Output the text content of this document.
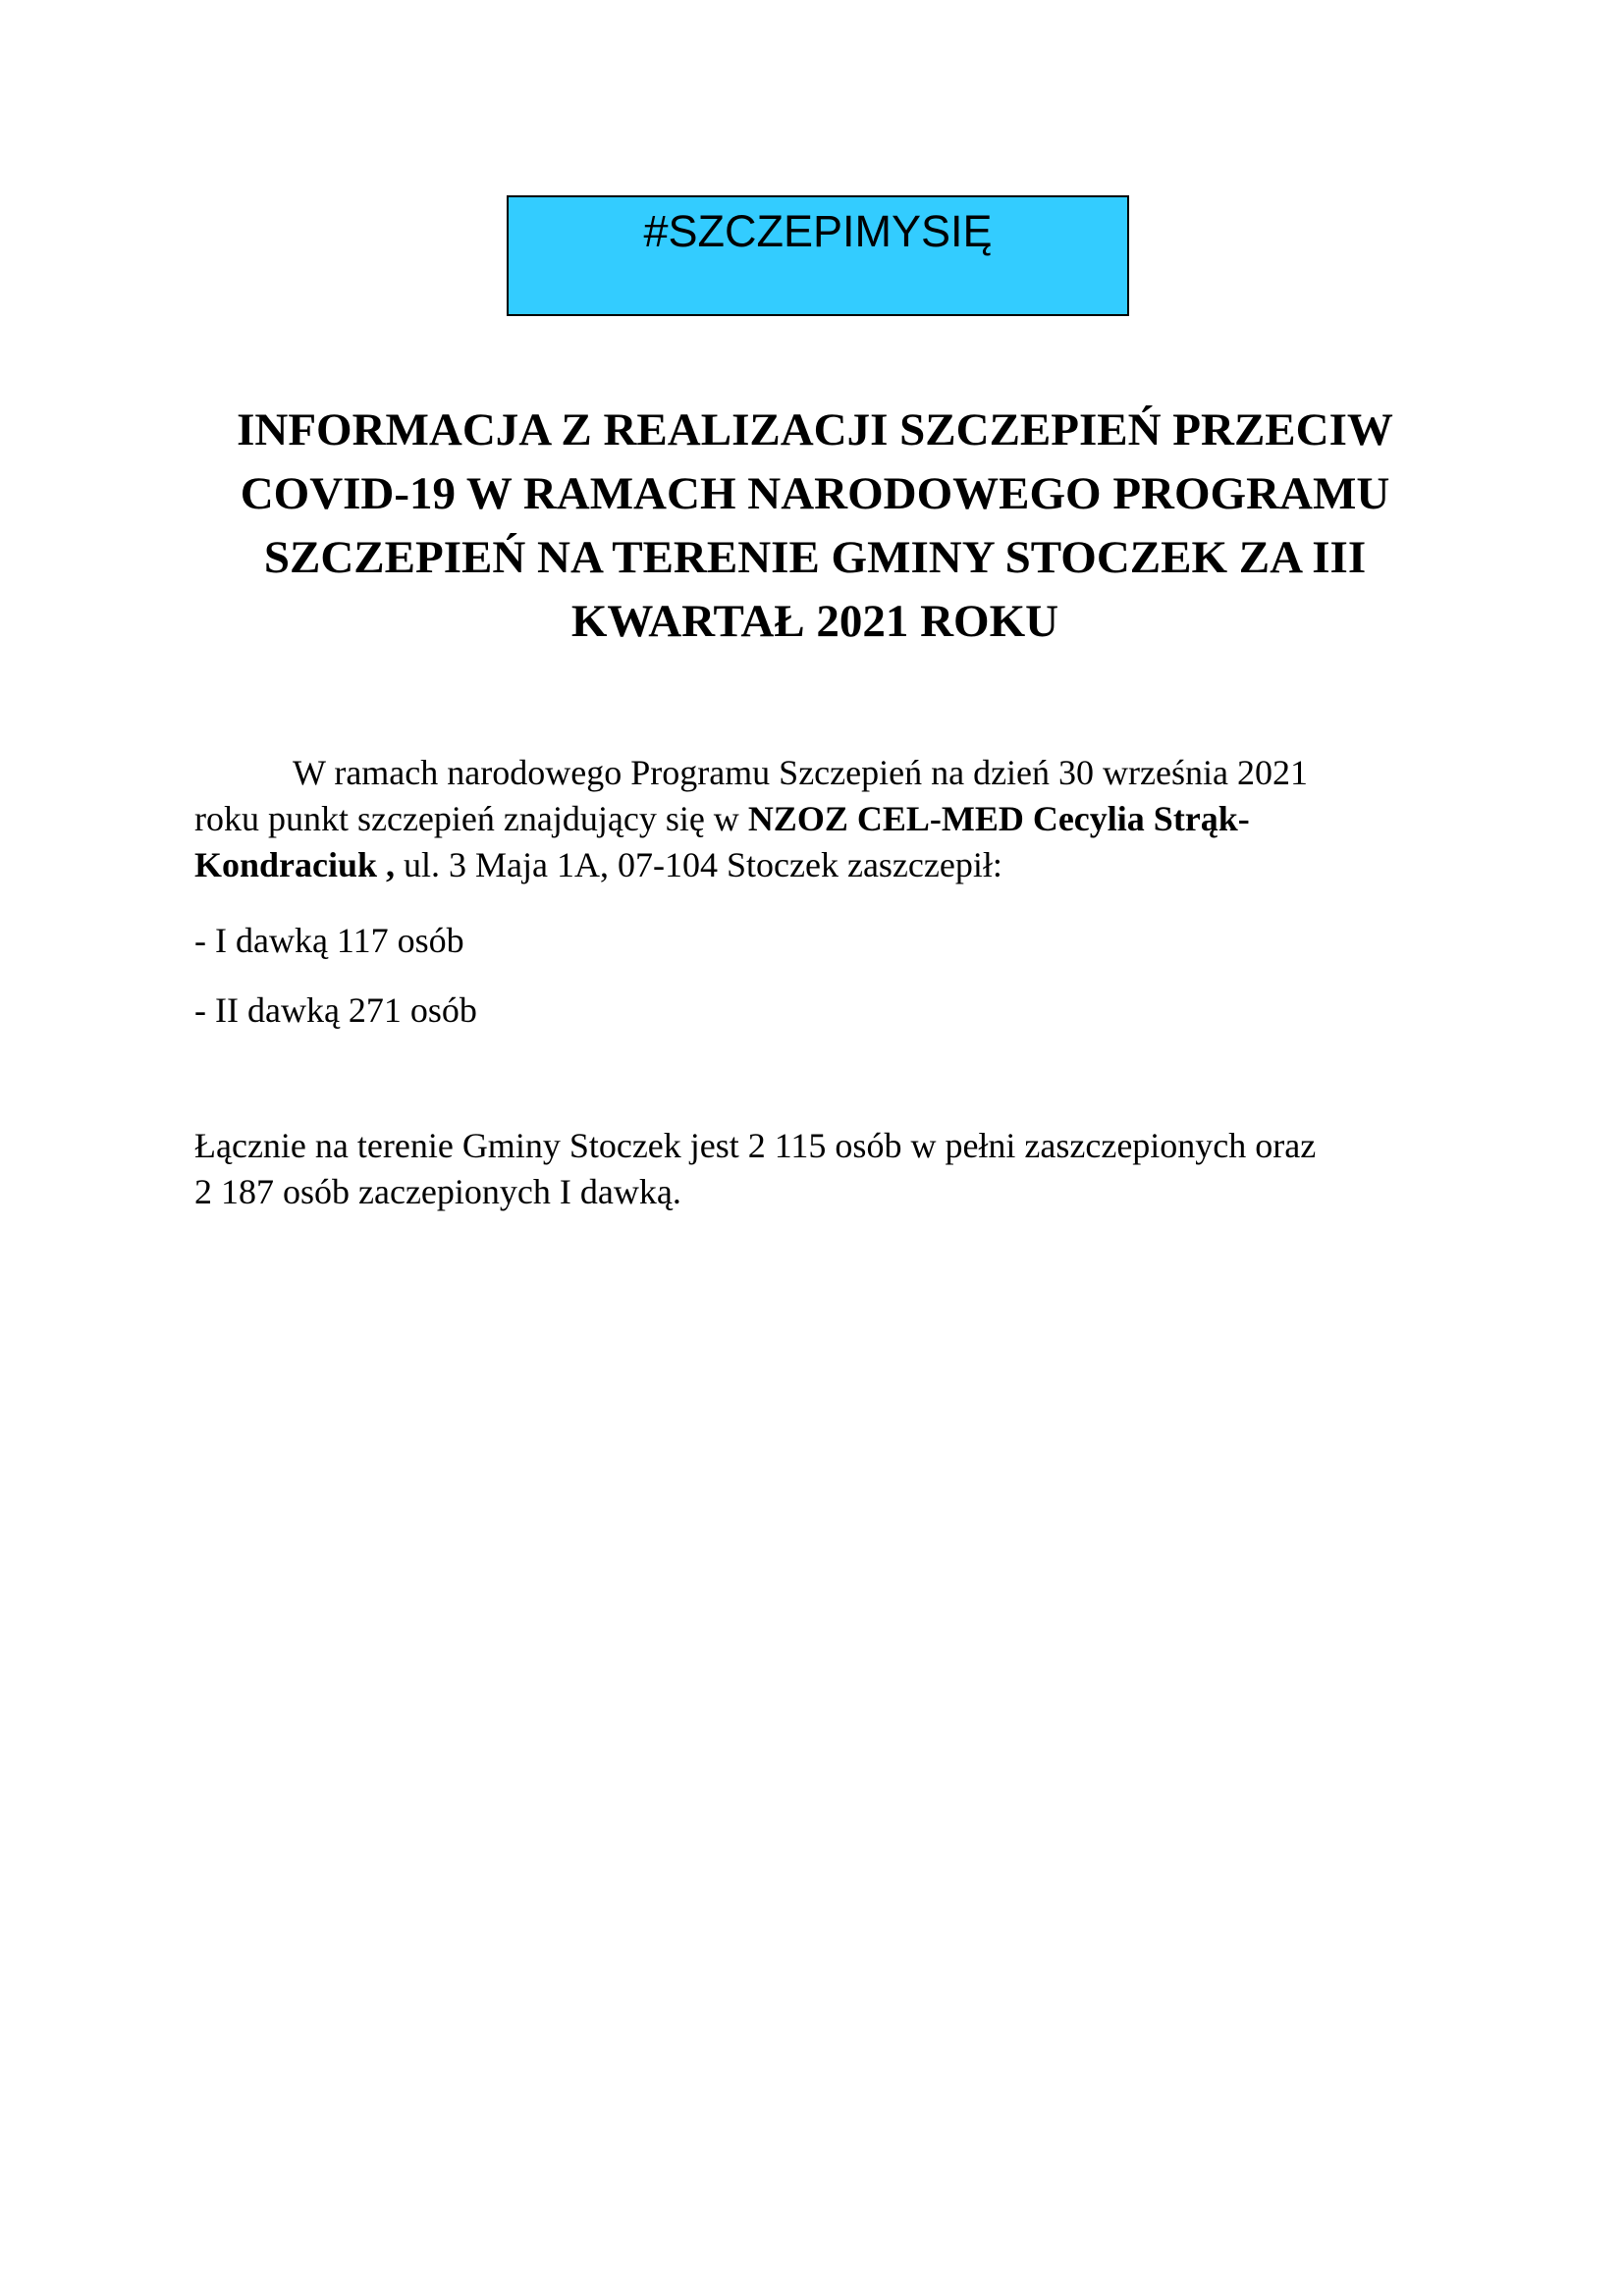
#SZCZEPIMYSIĘ
INFORMACJA Z REALIZACJI SZCZEPIEŃ PRZECIW
COVID-19 W RAMACH NARODOWEGO PROGRAMU
SZCZEPIEŃ NA TERENIE GMINY STOCZEK ZA III
KWARTAŁ 2021 ROKU

W ramach narodowego Programu Szczepień na dzień 30 września 2021
roku punkt szczepień znajdujący się w NZOZ CEL-MED Cecylia Strąk-
Kondraciuk , ul. 3 Maja 1A, 07-104 Stoczek zaszczepił:

- I dawką 117 osób

- II dawką 271 osób

Łącznie na terenie Gminy Stoczek jest 2 115 osób w pełni zaszczepionych oraz
2 187 osób zaczepionych I dawką.
